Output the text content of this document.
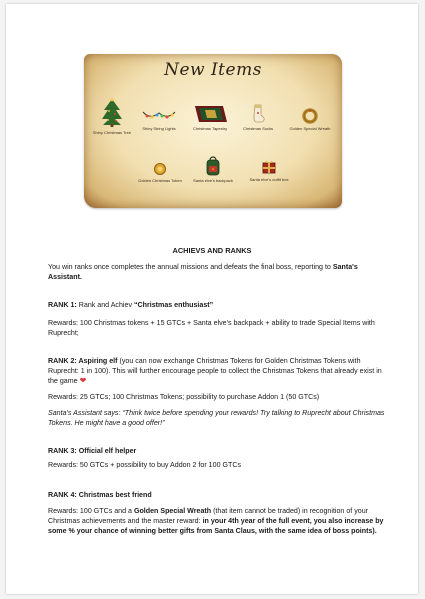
New Items
Shiny Christmas Tree
Shiny String Lights	Christmas Tapestry	Christmas Socks	Golden Special Wreath
Golden Christmas Token	Santa elve's backpack	Santa elve's outfit box
ACHIEVS AND RANKS
You win ranks once completes the annual missions and defeats the final boss, reporting to Santa's Assistant.
RANK 1: Rank and Achiev “Christmas enthusiast”
Rewards: 100 Christmas tokens + 15 GTCs + Santa elve's backpack + ability to trade Special Items with Ruprecht;
RANK 2: Aspiring elf (you can now exchange Christmas Tokens for Golden Christmas Tokens with Ruprecht: 1 in 100). This will further encourage people to collect the Christmas Tokens that already exist in the game ❤
Rewards: 25 GTCs; 100 Christmas Tokens; possibility to purchase Addon 1 (50 GTCs)
Santa's Assistant says: “Think twice before spending your rewards! Try talking to Ruprecht about Christmas Tokens. He might have a good offer!”
RANK 3: Official elf helper
Rewards: 50 GTCs + possibility to buy Addon 2 for 100 GTCs
RANK 4: Christmas best friend
Rewards: 100 GTCs and a Golden Special Wreath (that item cannot be traded) in recognition of your Christmas achievements and the master reward: in your 4th year of the full event, you also increase by some % your chance of winning better gifts from Santa Claus, with the same idea of boss points).
